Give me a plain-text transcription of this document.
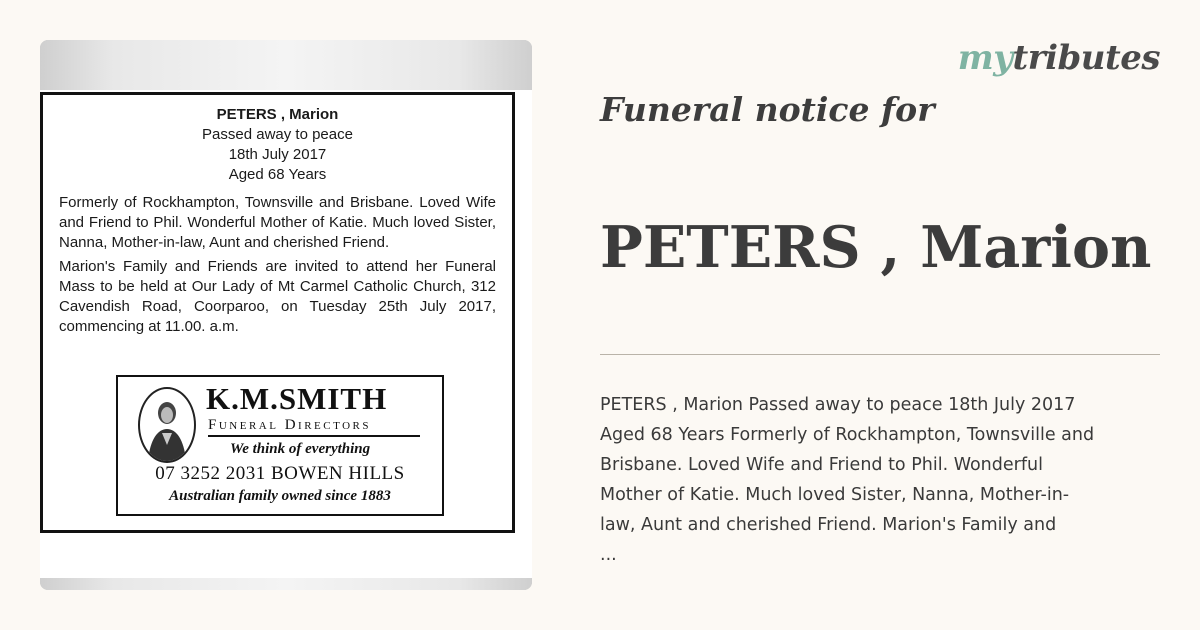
mytributes
PETERS , Marion
Passed away to peace
18th July 2017
Aged 68 Years

Formerly of Rockhampton, Townsville and Brisbane. Loved Wife and Friend to Phil. Wonderful Mother of Katie. Much loved Sister, Nanna, Mother-in-law, Aunt and cherished Friend.

Marion's Family and Friends are invited to attend her Funeral Mass to be held at Our Lady of Mt Carmel Catholic Church, 312 Cavendish Road, Coorparoo, on Tuesday 25th July 2017, commencing at 11.00. a.m.

K.M.SMITH
Funeral Directors
We think of everything
07 3252 2031 BOWEN HILLS
Australian family owned since 1883
Funeral notice for
PETERS , Marion

PETERS , Marion Passed away to peace 18th July 2017
Aged 68 Years Formerly of Rockhampton, Townsville and
Brisbane. Loved Wife and Friend to Phil. Wonderful
Mother of Katie. Much loved Sister, Nanna, Mother-in-
law, Aunt and cherished Friend. Marion's Family and
...
